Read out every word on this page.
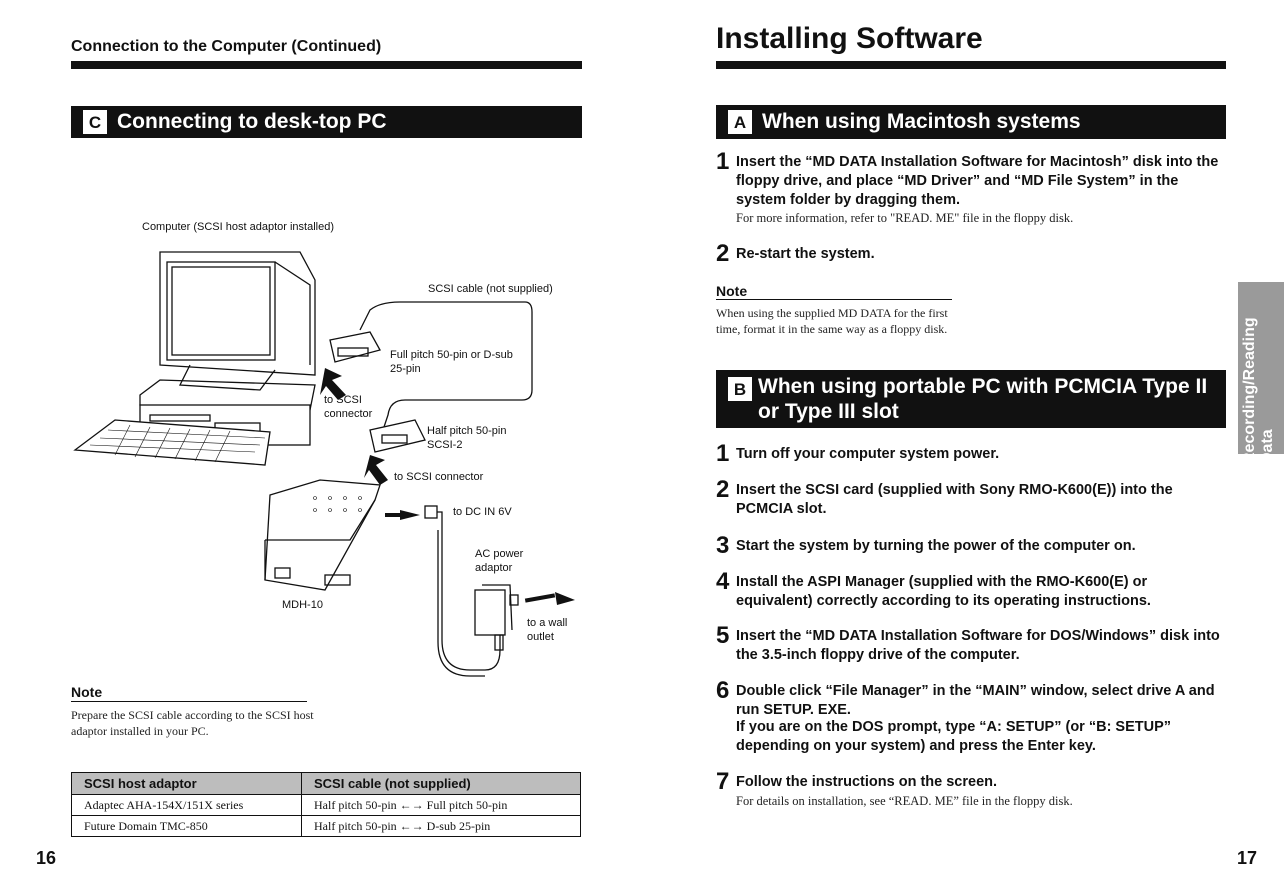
Connection to the Computer (Continued)
C Connecting to desk-top PC
Computer (SCSI host adaptor installed)
SCSI cable (not supplied)
Full pitch 50-pin or D-sub 25-pin
to SCSI connector
Half pitch 50-pin SCSI-2
to SCSI connector
to DC IN 6V
AC power adaptor
to a wall outlet
MDH-10
Note
Prepare the SCSI cable according to the SCSI host adaptor installed in your PC.
SCSI host adaptor	SCSI cable (not supplied)
Adaptec AHA-154X/151X series	Half pitch 50-pin ←→ Full pitch 50-pin
Future Domain TMC-850	Half pitch 50-pin ←→ D-sub 25-pin
16
Installing Software
A When using Macintosh systems
1 Insert the “MD DATA Installation Software for Macintosh” disk into the floppy drive, and place “MD Driver” and “MD File System” in the system folder by dragging them.
For more information, refer to "READ. ME" file in the floppy disk.
2 Re-start the system.
Note
When using the supplied MD DATA for the first time, format it in the same way as a floppy disk.
B When using portable PC with PCMCIA Type II
or Type III slot
1 Turn off your computer system power.
2 Insert the SCSI card (supplied with Sony RMO-K600(E)) into the PCMCIA slot.
3 Start the system by turning the power of the computer on.
4 Install the ASPI Manager (supplied with the RMO-K600(E) or equivalent) correctly according to its operating instructions.
5 Insert the “MD DATA Installation Software for DOS/Windows” disk into the 3.5-inch floppy drive of the computer.
6 Double click “File Manager” in the “MAIN” window, select drive A and run SETUP. EXE.
If you are on the DOS prompt, type “A: SETUP” (or “B: SETUP” depending on your system) and press the Enter key.
7 Follow the instructions on the screen.
For details on installation, see “READ. ME” file in the floppy disk.
Recording/Reading Data
17
